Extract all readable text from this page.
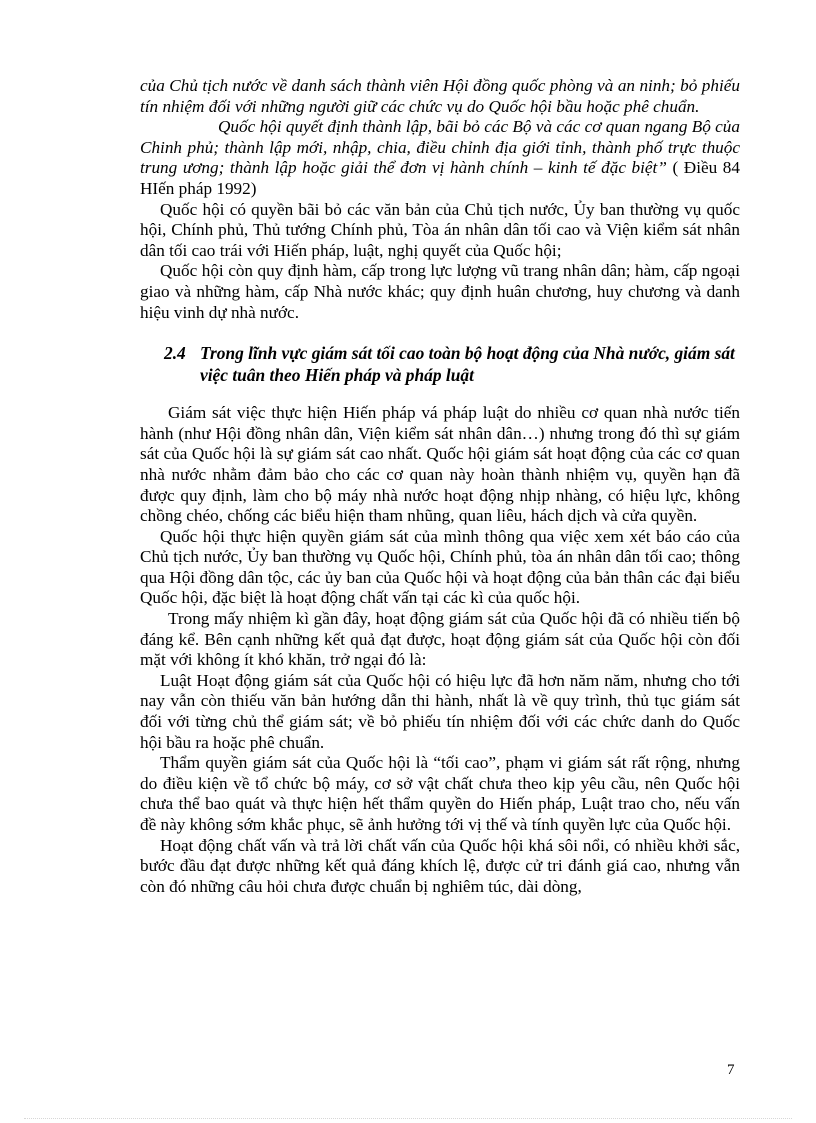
của Chủ tịch nước về danh sách thành viên Hội đồng quốc phòng và an ninh; bỏ phiếu tín nhiệm đối với những người giữ các chức vụ do Quốc hội bầu hoặc phê chuẩn.

Quốc hội quyết định thành lập, bãi bỏ các Bộ và các cơ quan ngang Bộ của Chinh phủ; thành lập mới, nhập, chia, điều chỉnh địa giới tỉnh, thành phố trực thuộc trung ương; thành lập hoặc giải thể đơn vị hành chính – kinh tế đặc biệt” ( Điều 84 HIến pháp 1992)

Quốc hội có quyền bãi bỏ các văn bản của Chủ tịch nước, Ủy ban thường vụ quốc hội, Chính phủ, Thủ tướng Chính phủ, Tòa án nhân dân tối cao và Viện kiểm sát nhân dân tối cao trái với Hiến pháp, luật, nghị quyết của Quốc hội;

Quốc hội còn quy định hàm, cấp trong lực lượng vũ trang nhân dân; hàm, cấp ngoại giao và những hàm, cấp Nhà nước khác; quy định huân chương, huy chương và danh hiệu vinh dự nhà nước.

2.4 Trong lĩnh vực giám sát tối cao toàn bộ hoạt động của Nhà nước, giám sát việc tuân theo Hiến pháp và pháp luật

Giám sát việc thực hiện Hiến pháp vá pháp luật do nhiều cơ quan nhà nước tiến hành (như Hội đồng nhân dân, Viện kiểm sát nhân dân…) nhưng trong đó thì sự giám sát của Quốc hội là sự giám sát cao nhất. Quốc hội giám sát hoạt động của các cơ quan nhà nước nhằm đảm bảo cho các cơ quan này hoàn thành nhiệm vụ, quyền hạn đã được quy định, làm cho bộ máy nhà nước hoạt động nhịp nhàng, có hiệu lực, không chồng chéo, chống các biểu hiện tham nhũng, quan liêu, hách dịch và cửa quyền.

Quốc hội thực hiện quyền giám sát của mình thông qua việc xem xét báo cáo của Chủ tịch nước, Ủy ban thường vụ Quốc hội, Chính phủ, tòa án nhân dân tối cao; thông qua Hội đồng dân tộc, các ủy ban của Quốc hội và hoạt động của bản thân các đại biểu Quốc hội, đặc biệt là hoạt động chất vấn tại các kì của quốc hội.

Trong mấy nhiệm kì gần đây, hoạt động giám sát của Quốc hội đã có nhiều tiến bộ đáng kể. Bên cạnh những kết quả đạt được, hoạt động giám sát của Quốc hội còn đối mặt với không ít khó khăn, trở ngại đó là:

Luật Hoạt động giám sát của Quốc hội có hiệu lực đã hơn năm năm, nhưng cho tới nay vẫn còn thiếu văn bản hướng dẫn thi hành, nhất là về quy trình, thủ tục giám sát đối với từng chủ thể giám sát; về bỏ phiếu tín nhiệm đối với các chức danh do Quốc hội bầu ra hoặc phê chuẩn.

Thẩm quyền giám sát của Quốc hội là “tối cao”, phạm vi giám sát rất rộng, nhưng do điều kiện về tổ chức bộ máy, cơ sở vật chất chưa theo kịp yêu cầu, nên Quốc hội chưa thể bao quát và thực hiện hết thẩm quyền do Hiến pháp, Luật trao cho, nếu vấn đề này không sớm khắc phục, sẽ ảnh hưởng tới vị thế và tính quyền lực của Quốc hội.

Hoạt động chất vấn và trả lời chất vấn của Quốc hội khá sôi nổi, có nhiều khởi sắc, bước đầu đạt được những kết quả đáng khích lệ, được cử tri đánh giá cao, nhưng vẫn còn đó những câu hỏi chưa được chuẩn bị nghiêm túc, dài dòng,

7
